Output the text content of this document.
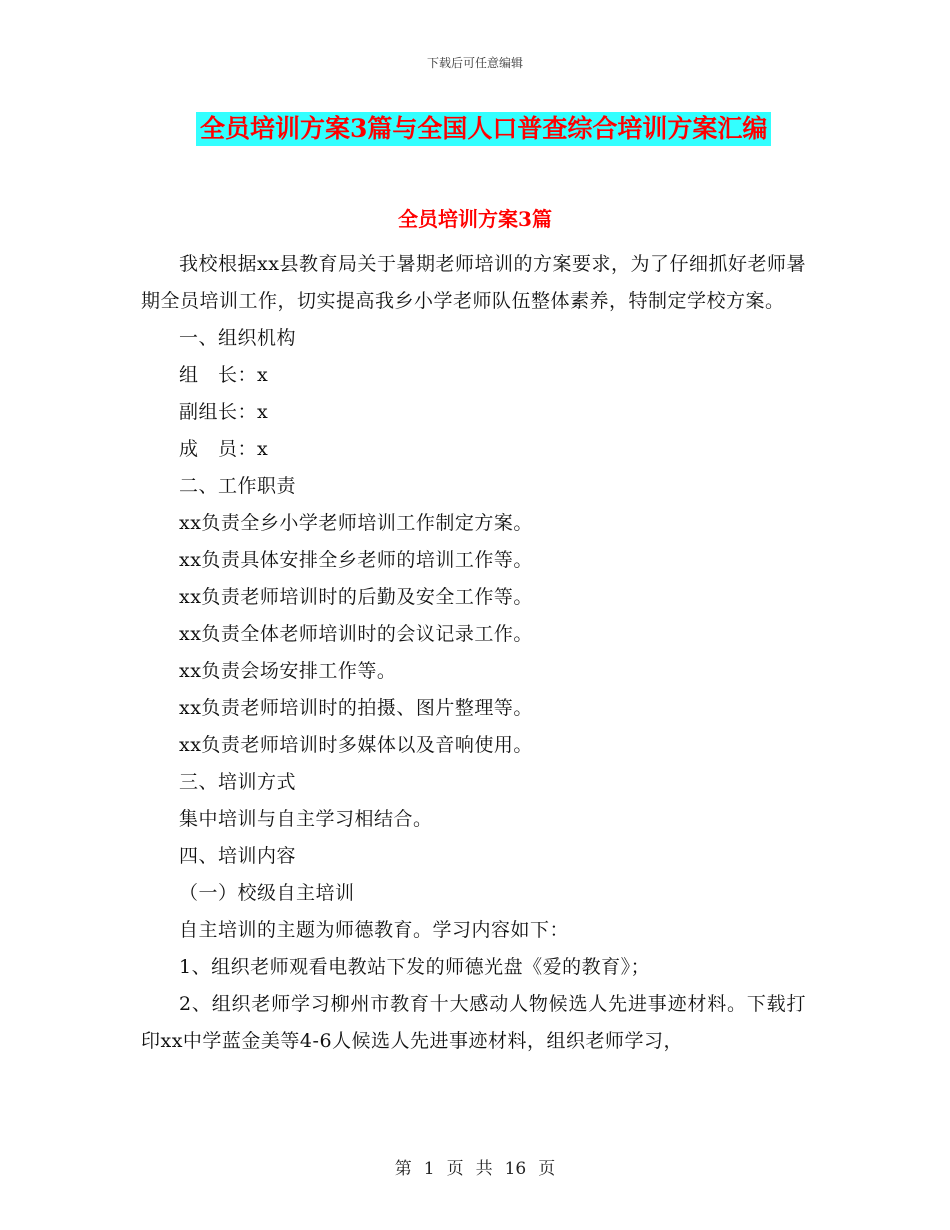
下载后可任意编辑
全员培训方案3篇与全国人口普查综合培训方案汇编
全员培训方案3篇

我校根据xx县教育局关于暑期老师培训的方案要求，为了仔细抓好老师暑期全员培训工作，切实提高我乡小学老师队伍整体素养，特制定学校方案。

一、组织机构

组　长：x

副组长：x

成　员：x

二、工作职责

xx负责全乡小学老师培训工作制定方案。

xx负责具体安排全乡老师的培训工作等。

xx负责老师培训时的后勤及安全工作等。

xx负责全体老师培训时的会议记录工作。

xx负责会场安排工作等。

xx负责老师培训时的拍摄、图片整理等。

xx负责老师培训时多媒体以及音响使用。

三、培训方式

集中培训与自主学习相结合。

四、培训内容

（一）校级自主培训

自主培训的主题为师德教育。学习内容如下：

1、组织老师观看电教站下发的师德光盘《爱的教育》；

2、组织老师学习柳州市教育十大感动人物候选人先进事迹材料。下载打印xx中学蓝金美等4-6人候选人先进事迹材料，组织老师学习，

第 1 页 共 16 页
